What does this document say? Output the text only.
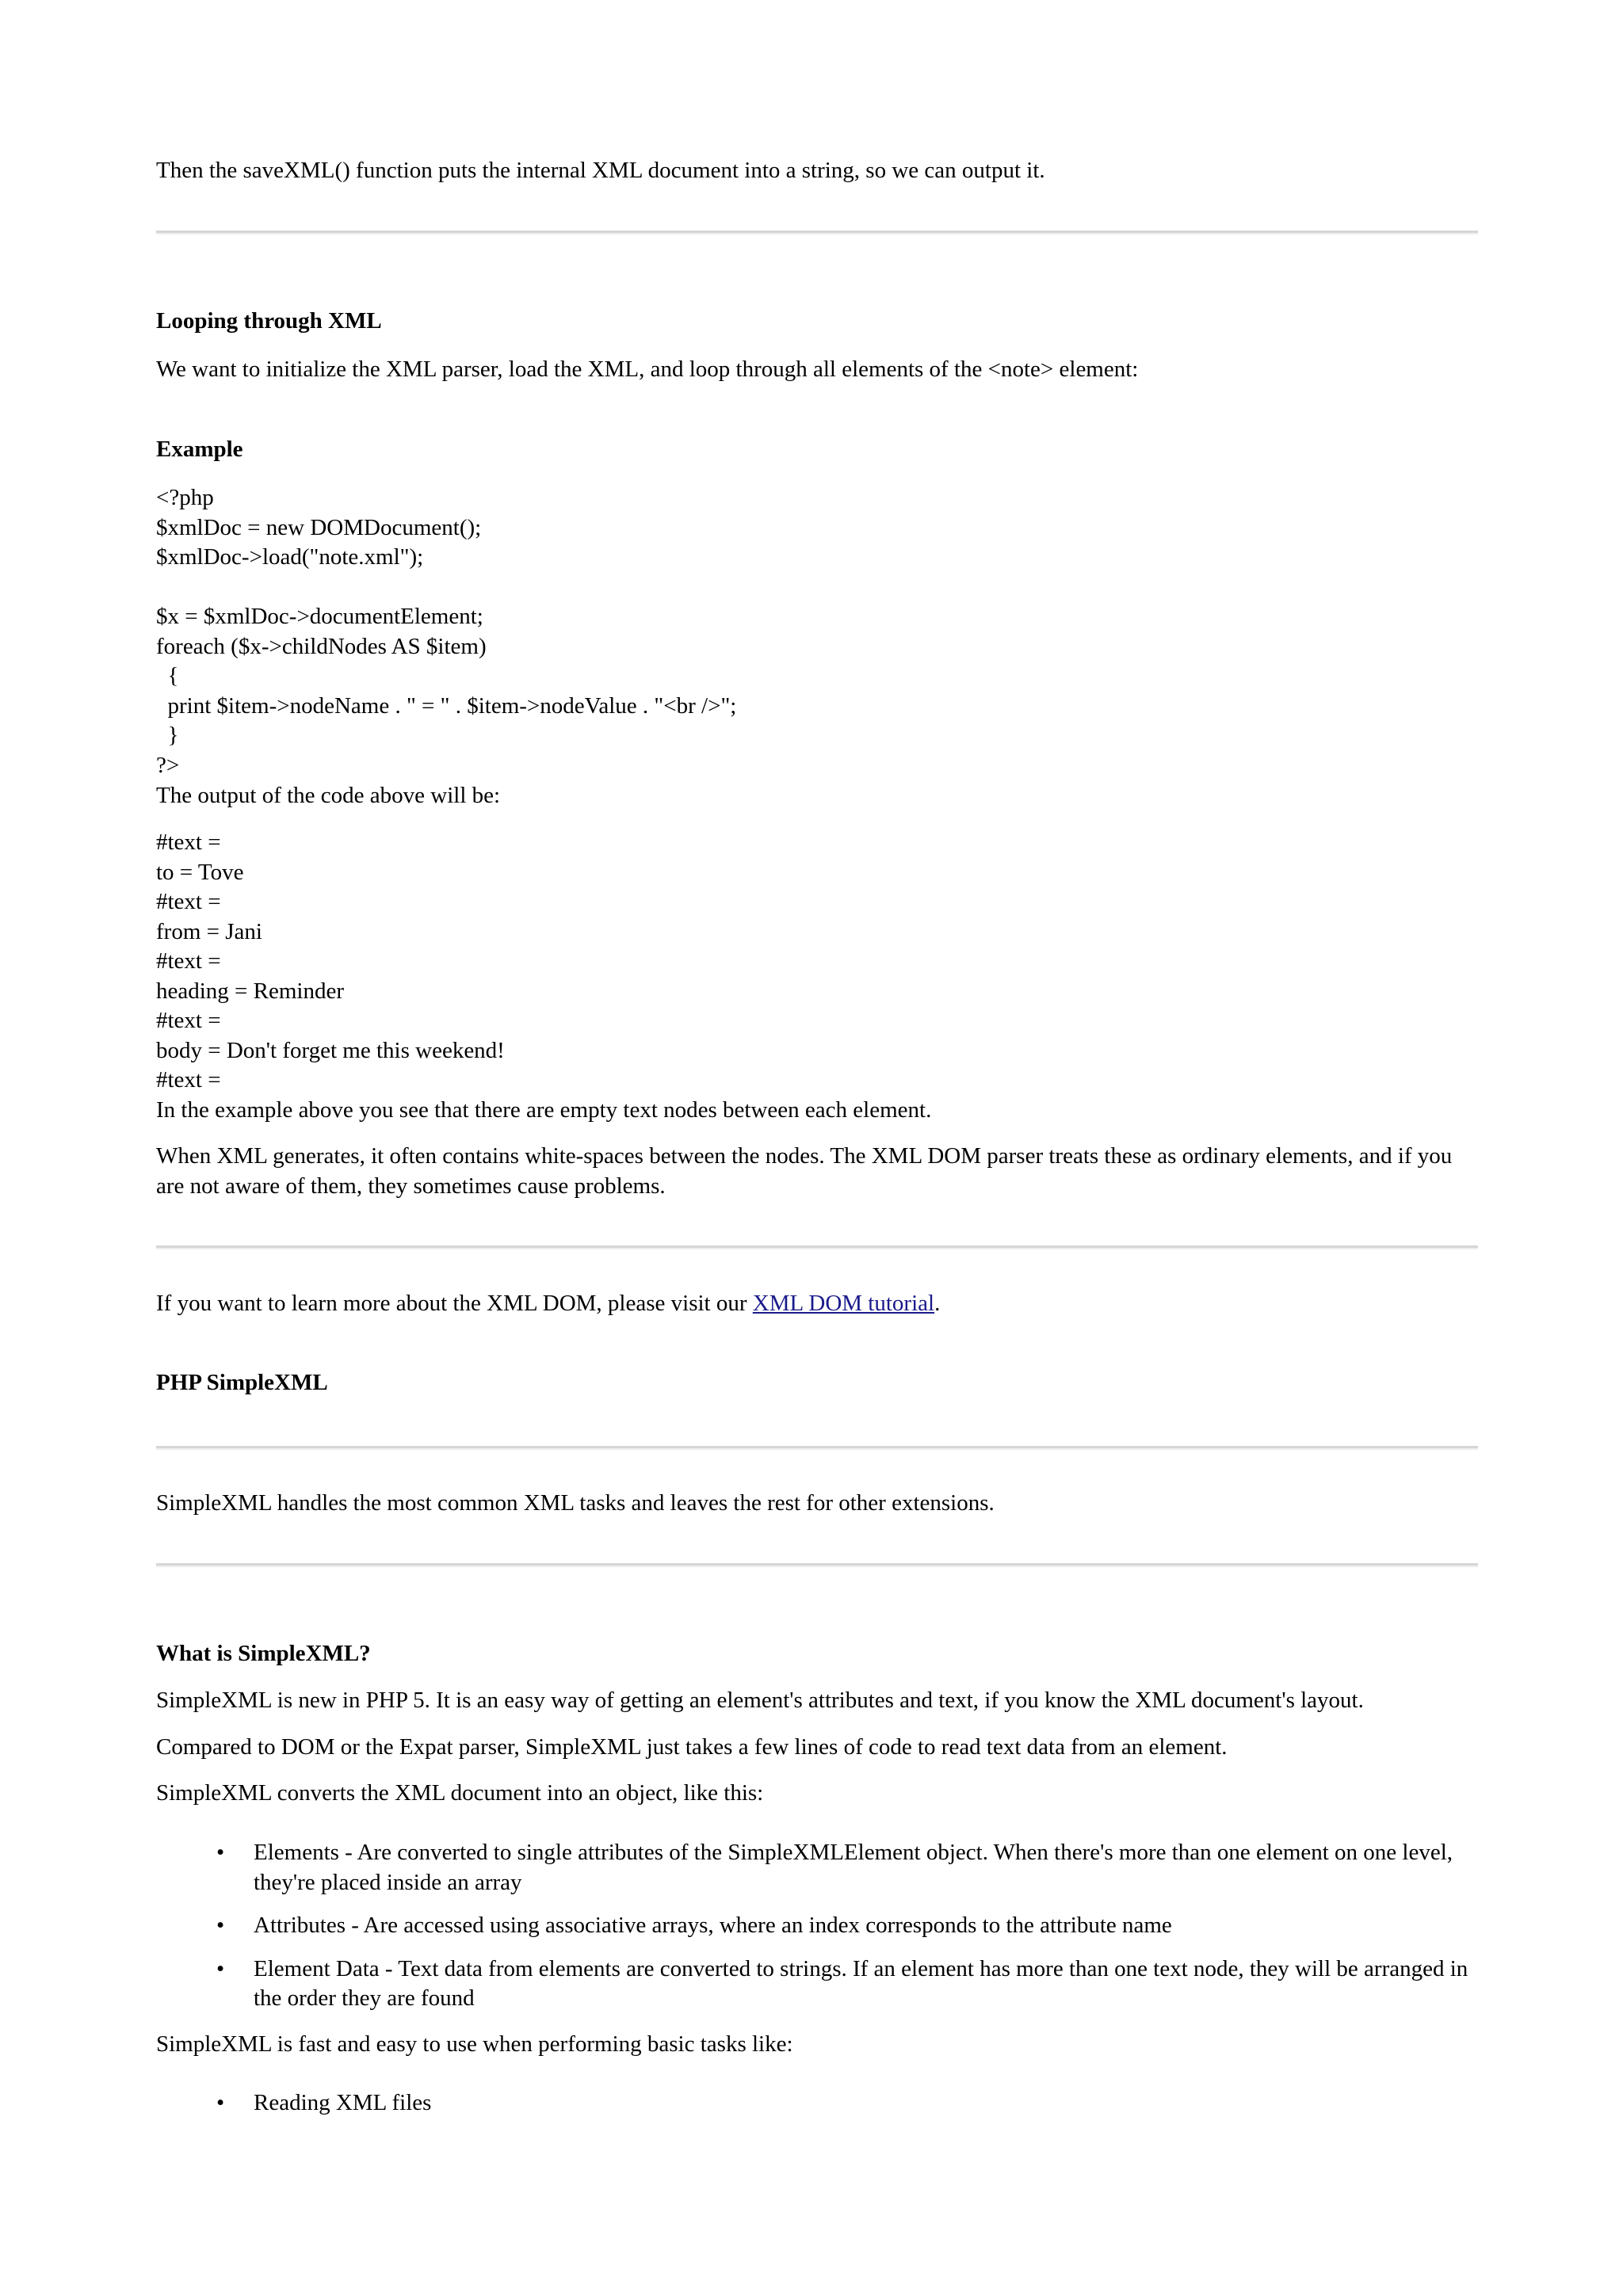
Then the saveXML() function puts the internal XML document into a string, so we can output it.

Looping through XML

We want to initialize the XML parser, load the XML, and loop through all elements of the <note> element:

Example

<?php
$xmlDoc = new DOMDocument();
$xmlDoc->load("note.xml");

$x = $xmlDoc->documentElement;
foreach ($x->childNodes AS $item)
{
print $item->nodeName . " = " . $item->nodeValue . "<br />";
}
?>

The output of the code above will be:

#text =
to = Tove
#text =
from = Jani
#text =
heading = Reminder
#text =
body = Don't forget me this weekend!
#text =

In the example above you see that there are empty text nodes between each element.

When XML generates, it often contains white-spaces between the nodes. The XML DOM parser treats these as ordinary elements, and if you are not aware of them, they sometimes cause problems.

If you want to learn more about the XML DOM, please visit our XML DOM tutorial.

PHP SimpleXML

SimpleXML handles the most common XML tasks and leaves the rest for other extensions.

What is SimpleXML?

SimpleXML is new in PHP 5. It is an easy way of getting an element's attributes and text, if you know the XML document's layout.

Compared to DOM or the Expat parser, SimpleXML just takes a few lines of code to read text data from an element.

SimpleXML converts the XML document into an object, like this:

• Elements - Are converted to single attributes of the SimpleXMLElement object. When there's more than one element on one level, they're placed inside an array
• Attributes - Are accessed using associative arrays, where an index corresponds to the attribute name
• Element Data - Text data from elements are converted to strings. If an element has more than one text node, they will be arranged in the order they are found

SimpleXML is fast and easy to use when performing basic tasks like:

• Reading XML files
